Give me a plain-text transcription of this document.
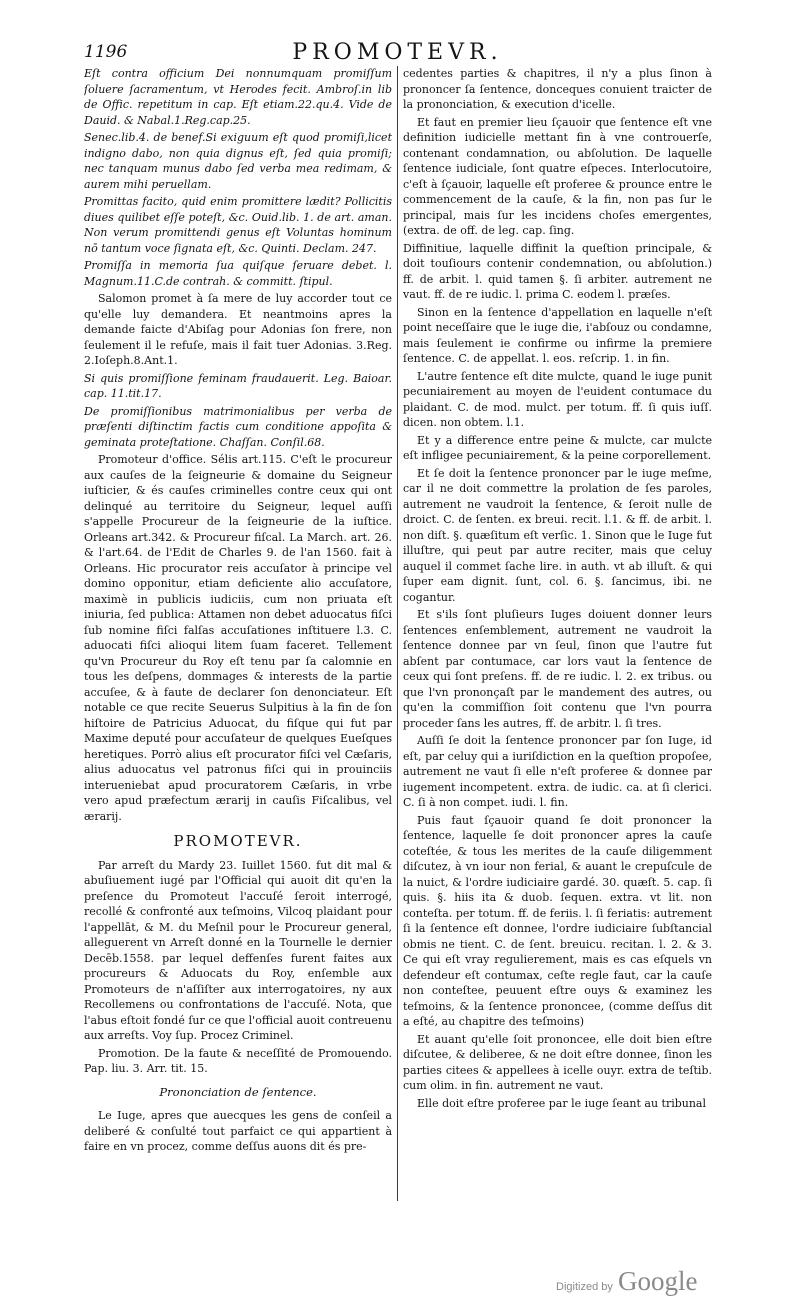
1196	PROMOTEVR.

Eſt contra officium Dei nonnumquam promiſſum ſoluere ſacramentum, vt Herodes fecit. Ambroſ.in lib de Offic. repetitum in cap. Eſt etiam.22.qu.4. Vide de Dauid. & Nabal.1.Reg.cap.25.

Senec.lib.4. de benef.Si exiguum eſt quod promiſi,licet indigno dabo, non quia dignus eſt, ſed quia promiſi; nec tanquam munus dabo ſed verba mea redimam, & aurem mihi peruellam.

Promittas facito, quid enim promittere lædit? Pollicitis diues quilibet eſſe poteſt, &c. Ouid.lib. 1. de art. aman. Non verum promittendi genus eſt Voluntas hominum nō tantum voce ſignata eſt, &c. Quinti. Declam. 247.

Promiſſa in memoria ſua quiſque ſeruare debet. l. Magnum.11.C.de contrah. & committ. ſtipul.

Salomon promet à ſa mere de luy accorder tout ce qu'elle luy demandera. Et neantmoins apres la demande faicte d'Abiſag pour Adonias ſon frere, non ſeulement il le refuſe, mais il fait tuer Adonias. 3.Reg. 2.Ioſeph.8.Ant.1.

Si quis promiſſione feminam fraudauerit. Leg. Baioar. cap. 11.tit.17.

De promiſſionibus matrimonialibus per verba de præſenti diſtinctim factis cum conditione appoſita & geminata proteſtatione. Chaſſan. Conſil.68.

Promoteur d'office. Sélis art.115. C'eſt le procureur aux cauſes de la ſeigneurie & domaine du Seigneur iuſticier, & és cauſes criminelles contre ceux qui ont delinqué au territoire du Seigneur, lequel auſſi s'appelle Procureur de la ſeigneurie de la iuſtice. Orleans art.342. & Procureur fiſcal. La March. art. 26. & l'art.64. de l'Edit de Charles 9. de l'an 1560. fait à Orleans. Hic procurator reis accuſator à principe vel domino opponitur, etiam deficiente alio accuſatore, maximè in publicis iudiciis, cum non priuata eſt iniuria, ſed publica: Attamen non debet aduocatus fiſci ſub nomine fiſci falſas accuſationes inſtituere l.3. C. aduocati fiſci alioqui litem ſuam faceret. Tellement qu'vn Procureur du Roy eſt tenu par ſa calomnie en tous les deſpens, dommages & interests de la partie accuſee, & à faute de declarer ſon denonciateur. Eſt notable ce que recite Seuerus Sulpitius à la fin de ſon hiſtoire de Patricius Aduocat, du fiſque qui fut par Maxime deputé pour accuſateur de quelques Eueſques heretiques. Porrò alius eſt procurator fiſci vel Cæſaris, alius aduocatus vel patronus fiſci qui in prouinciis interueniebat apud procuratorem Cæſaris, in vrbe vero apud præfectum ærarij in cauſis Fiſcalibus, vel ærarij.

PROMOTEVR.

Par arreſt du Mardy 23. Iuillet 1560. fut dit mal & abuſiuement iugé par l'Official qui auoit dit qu'en la preſence du Promoteut l'accuſé ſeroit interrogé, recollé & confronté aux teſmoins, Vilcoq plaidant pour l'appellāt, & M. du Meſnil pour le Procureur general, alleguerent vn Arreſt donné en la Tournelle le dernier Decēb.1558. par lequel deffenſes furent faites aux procureurs & Aduocats du Roy, enſemble aux Promoteurs de n'aſſiſter aux interrogatoires, ny aux Recollemens ou confrontations de l'accuſé. Nota, que l'abus eſtoit fondé ſur ce que l'official auoit contreuenu aux arreſts. Voy ſup. Procez Criminel.

Promotion. De la faute & neceſſité de Promouendo. Pap. liu. 3. Arr. tit. 15.

Prononciation de ſentence.

Le Iuge, apres que auecques les gens de conſeil a deliberé & conſulté tout parfaict ce qui appartient à faire en vn procez, comme deſſus auons dit és pre-

cedentes parties & chapitres, il n'y a plus ſinon à prononcer ſa ſentence, donceques conuient traicter de la prononciation, & execution d'icelle.

Et faut en premier lieu ſçauoir que ſentence eſt vne definition iudicielle mettant fin à vne controuerſe, contenant condamnation, ou abſolution. De laquelle ſentence iudiciale, ſont quatre eſpeces. Interlocutoire, c'eſt à ſçauoir, laquelle eſt proferee & prounce entre le commencement de la cauſe, & la fin, non pas ſur le principal, mais ſur les incidens choſes emergentes, (extra. de off. de leg. cap. ſing.

Diffinitiue, laquelle diffinit la queſtion principale, & doit touſiours contenir condemnation, ou abſolution.) ff. de arbit. l. quid tamen §. ſi arbiter. autrement ne vaut. ff. de re iudic. l. prima C. eodem l. præſes.

Sinon en la ſentence d'appellation en laquelle n'eſt point neceſſaire que le iuge die, i'abſouz ou condamne, mais ſeulement ie confirme ou infirme la premiere ſentence. C. de appellat. l. eos. reſcrip. 1. in fin.

L'autre ſentence eſt dite mulcte, quand le iuge punit pecuniairement au moyen de l'euident contumace du plaidant. C. de mod. mulct. per totum. ff. ſi quis iuſſ. dicen. non obtem. l.1.

Et y a difference entre peine & mulcte, car mulcte eſt infligee pecuniairement, & la peine corporellement.

Et ſe doit la ſentence prononcer par le iuge meſme, car il ne doit commettre la prolation de ſes paroles, autrement ne vaudroit la ſentence, & ſeroit nulle de droict. C. de ſenten. ex breui. recit. l.1. & ff. de arbit. l. non diſt. §. quæſitum eſt verſic. 1. Sinon que le Iuge fut illuſtre, qui peut par autre reciter, mais que celuy auquel il commet ſache lire. in auth. vt ab illuſt. & qui ſuper eam dignit. ſunt, col. 6. §. ſancimus, ibi. ne cogantur.

Et s'ils ſont pluſieurs Iuges doiuent donner leurs ſentences enſemblement, autrement ne vaudroit la ſentence donnee par vn ſeul, ſinon que l'autre fut abſent par contumace, car lors vaut la ſentence de ceux qui ſont preſens. ff. de re iudic. l. 2. ex tribus. ou que l'vn prononçaſt par le mandement des autres, ou qu'en la commiſſion ſoit contenu que l'vn pourra proceder ſans les autres, ff. de arbitr. l. ſi tres.

Auſſi ſe doit la ſentence prononcer par ſon Iuge, id eſt, par celuy qui a iuriſdiction en la queſtion propoſee, autrement ne vaut ſi elle n'eſt proferee & donnee par iugement incompetent. extra. de iudic. ca. at ſi clerici. C. ſi à non compet. iudi. l. fin.

Puis faut ſçauoir quand ſe doit prononcer la ſentence, laquelle ſe doit prononcer apres la cauſe coteſtée, & tous les merites de la cauſe diligemment diſcutez, à vn iour non ferial, & auant le crepuſcule de la nuict, & l'ordre iudiciaire gardé. 30. quæſt. 5. cap. ſi quis. §. hiis ita & duob. ſequen. extra. vt lit. non conteſta. per totum. ff. de feriis. l. ſi feriatis: autrement ſi la ſentence eſt donnee, l'ordre iudiciaire ſubſtancial obmis ne tient. C. de ſent. breuicu. recitan. l. 2. & 3. Ce qui eſt vray regulierement, mais es cas eſquels vn defendeur eſt contumax, ceſte regle faut, car la cauſe non conteſtee, peuuent eſtre ouys & examinez les teſmoins, & la ſentence prononcee, (comme deſſus dit a eſté, au chapitre des teſmoins)

Et auant qu'elle ſoit prononcee, elle doit bien eſtre diſcutee, & deliberee, & ne doit eſtre donnee, ſinon les parties citees & appellees à icelle ouyr. extra de teſtib. cum olim. in fin. autrement ne vaut.

Elle doit eſtre proferee par le iuge ſeant au tribunal

Digitized by Google
